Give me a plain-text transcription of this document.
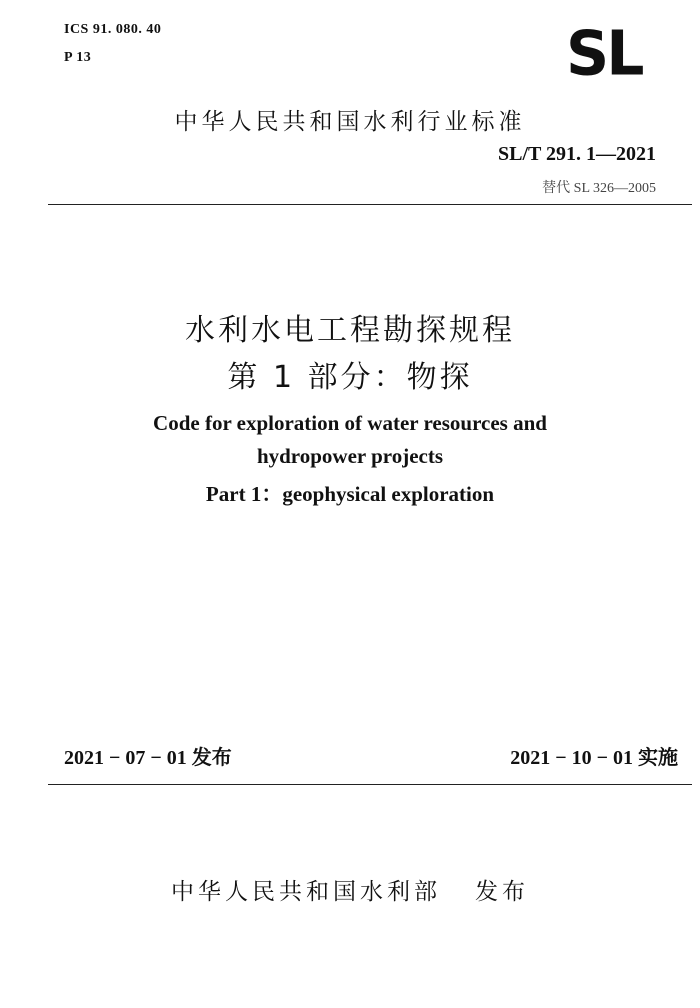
ICS 91. 080. 40
P 13	SL
中华人民共和国水利行业标准
SL/T 291. 1—2021
替代 SL 326—2005
水利水电工程勘探规程
第 1 部分：物探
Code for exploration of water resources and
hydropower projects
Part 1：geophysical exploration
2021 − 07 − 01 发布	2021 − 10 − 01 实施
中华人民共和国水利部   发布
